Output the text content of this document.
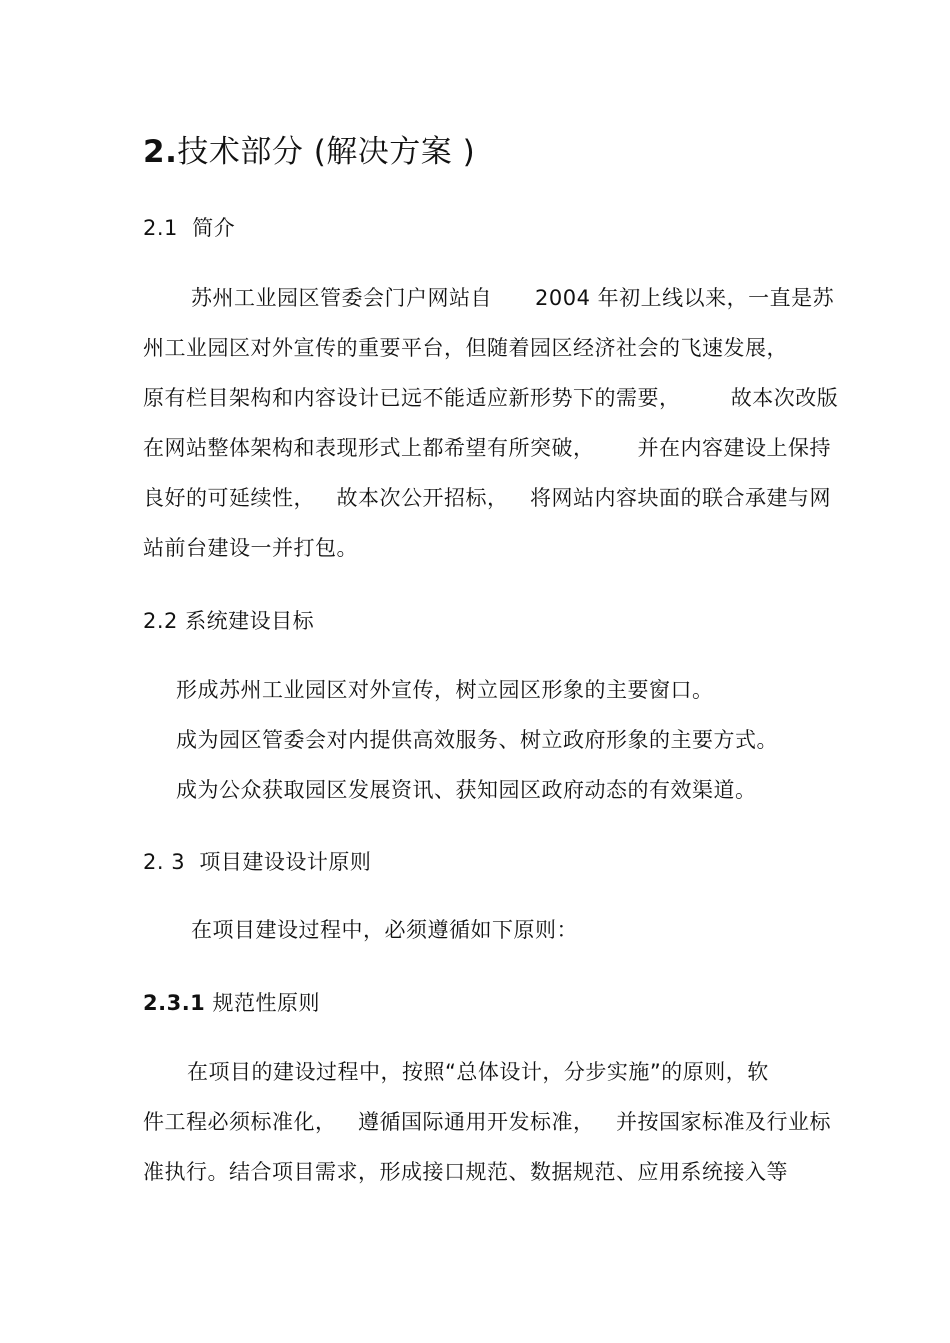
2.技术部分 (解决方案 )
2.1  简介
苏州工业园区管委会门户网站自      2004 年初上线以来，一直是苏
州工业园区对外宣传的重要平台，但随着园区经济社会的飞速发展，
原有栏目架构和内容设计已远不能适应新形势下的需要，       故本次改版
在网站整体架构和表现形式上都希望有所突破，      并在内容建设上保持
良好的可延续性，   故本次公开招标，   将网站内容块面的联合承建与网
站前台建设一并打包。
2.2 系统建设目标
形成苏州工业园区对外宣传，树立园区形象的主要窗口。
成为园区管委会对内提供高效服务、树立政府形象的主要方式。
成为公众获取园区发展资讯、获知园区政府动态的有效渠道。
2. 3  项目建设设计原则
在项目建设过程中，必须遵循如下原则：
2.3.1 规范性原则
在项目的建设过程中，按照“总体设计，分步实施”的原则，软
件工程必须标准化，   遵循国际通用开发标准，   并按国家标准及行业标
准执行。结合项目需求，形成接口规范、数据规范、应用系统接入等
